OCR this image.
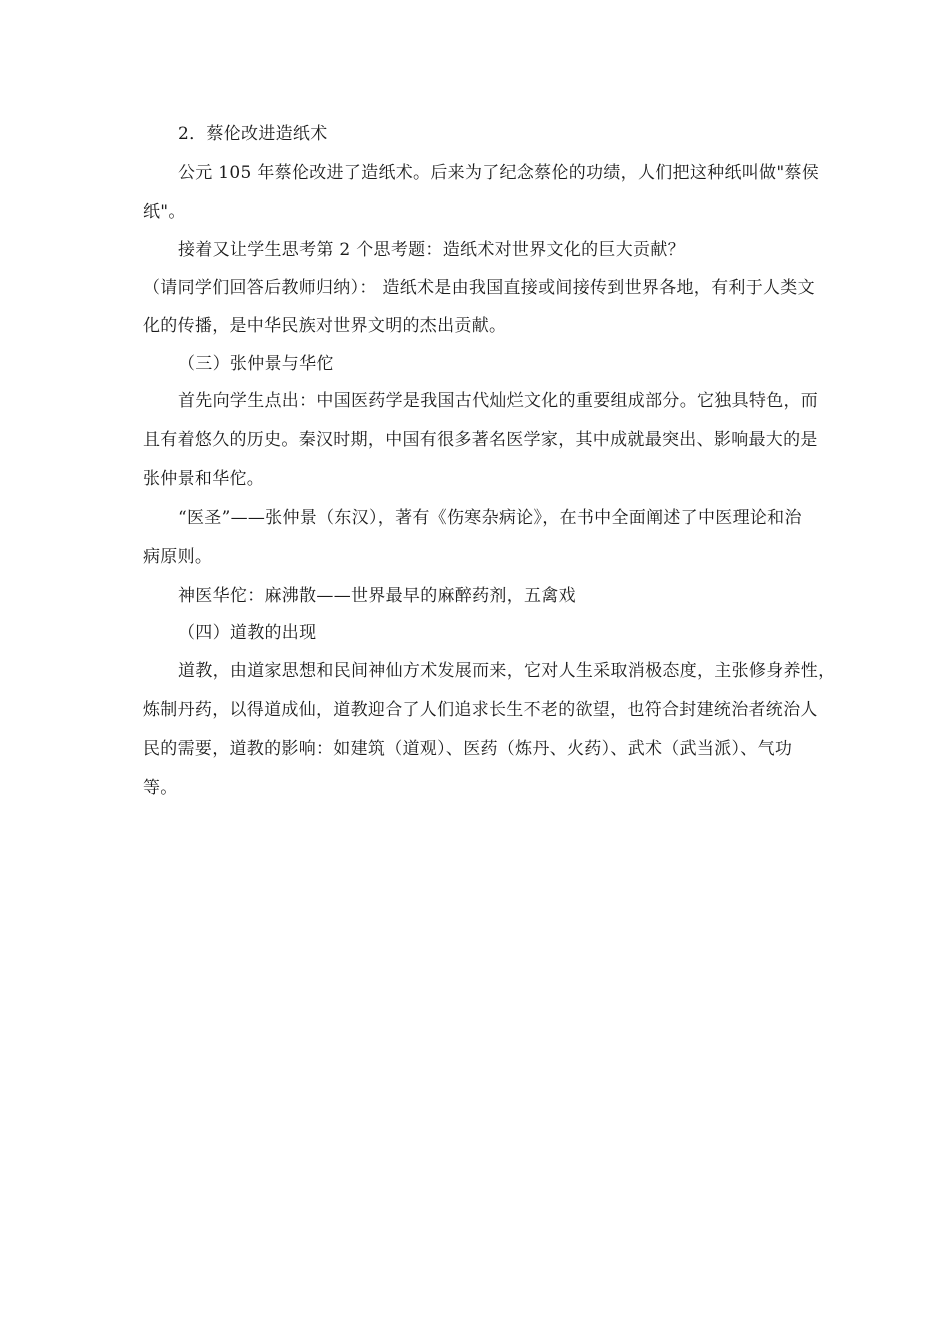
2．蔡伦改进造纸术
公元 105 年蔡伦改进了造纸术。后来为了纪念蔡伦的功绩，人们把这种纸叫做"蔡侯
纸"。
接着又让学生思考第 2 个思考题：造纸术对世界文化的巨大贡献？
（请同学们回答后教师归纳）： 造纸术是由我国直接或间接传到世界各地，有利于人类文
化的传播，是中华民族对世界文明的杰出贡献。
（三）张仲景与华佗
首先向学生点出：中国医药学是我国古代灿烂文化的重要组成部分。它独具特色，而
且有着悠久的历史。秦汉时期，中国有很多著名医学家，其中成就最突出、影响最大的是
张仲景和华佗。
“医圣”——张仲景（东汉），著有《伤寒杂病论》，在书中全面阐述了中医理论和治
病原则。
神医华佗：麻沸散——世界最早的麻醉药剂，五禽戏
（四）道教的出现
道教，由道家思想和民间神仙方术发展而来，它对人生采取消极态度，主张修身养性，
炼制丹药，以得道成仙，道教迎合了人们追求长生不老的欲望，也符合封建统治者统治人
民的需要，道教的影响：如建筑（道观）、医药（炼丹、火药）、武术（武当派）、气功
等。
